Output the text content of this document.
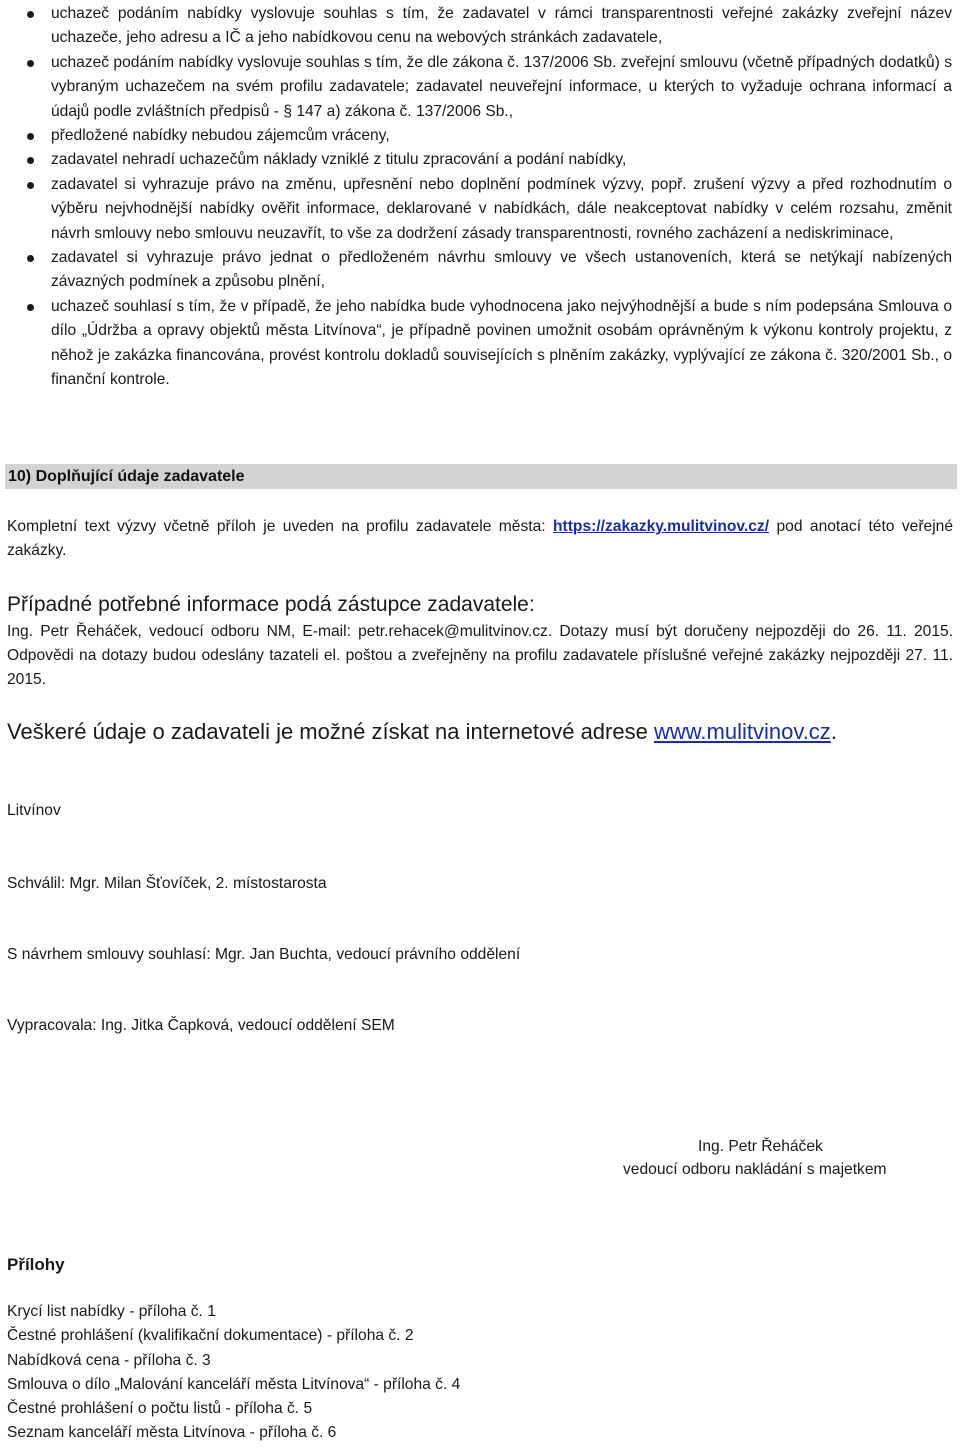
uchazeč podáním nabídky vyslovuje souhlas s tím, že zadavatel v rámci transparentnosti veřejné zakázky zveřejní název uchazeče, jeho adresu a IČ a jeho nabídkovou cenu na webových stránkách zadavatele,
uchazeč podáním nabídky vyslovuje souhlas s tím, že dle zákona č. 137/2006 Sb. zveřejní smlouvu (včetně případných dodatků) s vybraným uchazečem na svém profilu zadavatele; zadavatel neuveřejní informace, u kterých to vyžaduje ochrana informací a údajů podle zvláštních předpisů - § 147 a) zákona č. 137/2006 Sb.,
předložené nabídky nebudou zájemcům vráceny,
zadavatel nehradí uchazečům náklady vzniklé z titulu zpracování a podání nabídky,
zadavatel si vyhrazuje právo na změnu, upřesnění nebo doplnění podmínek výzvy, popř. zrušení výzvy a před rozhodnutím o výběru nejvhodnější nabídky ověřit informace, deklarované v nabídkách, dále neakceptovat nabídky v celém rozsahu, změnit návrh smlouvy nebo smlouvu neuzavřít, to vše za dodržení zásady transparentnosti, rovného zacházení a nediskriminace,
zadavatel si vyhrazuje právo jednat o předloženém návrhu smlouvy ve všech ustanoveních, která se netýkají nabízených závazných podmínek a způsobu plnění,
uchazeč souhlasí s tím, že v případě, že jeho nabídka bude vyhodnocena jako nejvýhodnější a bude s ním podepsána Smlouva o dílo „Údržba a opravy objektů města Litvínova“, je případně povinen umožnit osobám oprávněným k výkonu kontroly projektu, z něhož je zakázka financována, provést kontrolu dokladů souvisejících s plněním zakázky, vyplývající ze zákona č. 320/2001 Sb., o finanční kontrole.
10) Doplňující údaje zadavatele

Kompletní text výzvy včetně příloh je uveden na profilu zadavatele města: https://zakazky.mulitvinov.cz/ pod anotací této veřejné zakázky.

Případné potřebné informace podá zástupce zadavatele:

Ing. Petr Řeháček, vedoucí odboru NM, E-mail: petr.rehacek@mulitvinov.cz. Dotazy musí být doručeny nejpozději do 26. 11. 2015. Odpovědi na dotazy budou odeslány tazateli el. poštou a zveřejněny na profilu zadavatele příslušné veřejné zakázky nejpozději 27. 11. 2015.

Veškeré údaje o zadavateli je možné získat na internetové adrese www.mulitvinov.cz.

Litvínov
Schválil: Mgr. Milan Šťovíček, 2. místostarosta
S návrhem smlouvy souhlasí: Mgr. Jan Buchta, vedoucí právního oddělení
Vypracovala: Ing. Jitka Čapková, vedoucí oddělení SEM
Ing. Petr Řeháček
vedoucí odboru nakládání s majetkem
Přílohy
Krycí list nabídky - příloha č. 1
Čestné prohlášení (kvalifikační dokumentace) - příloha č. 2
Nabídková cena - příloha č. 3
Smlouva o dílo „Malování kanceláří města Litvínova“ - příloha č. 4
Čestné prohlášení o počtu listů - příloha č. 5
Seznam kanceláří města Litvínova - příloha č. 6
